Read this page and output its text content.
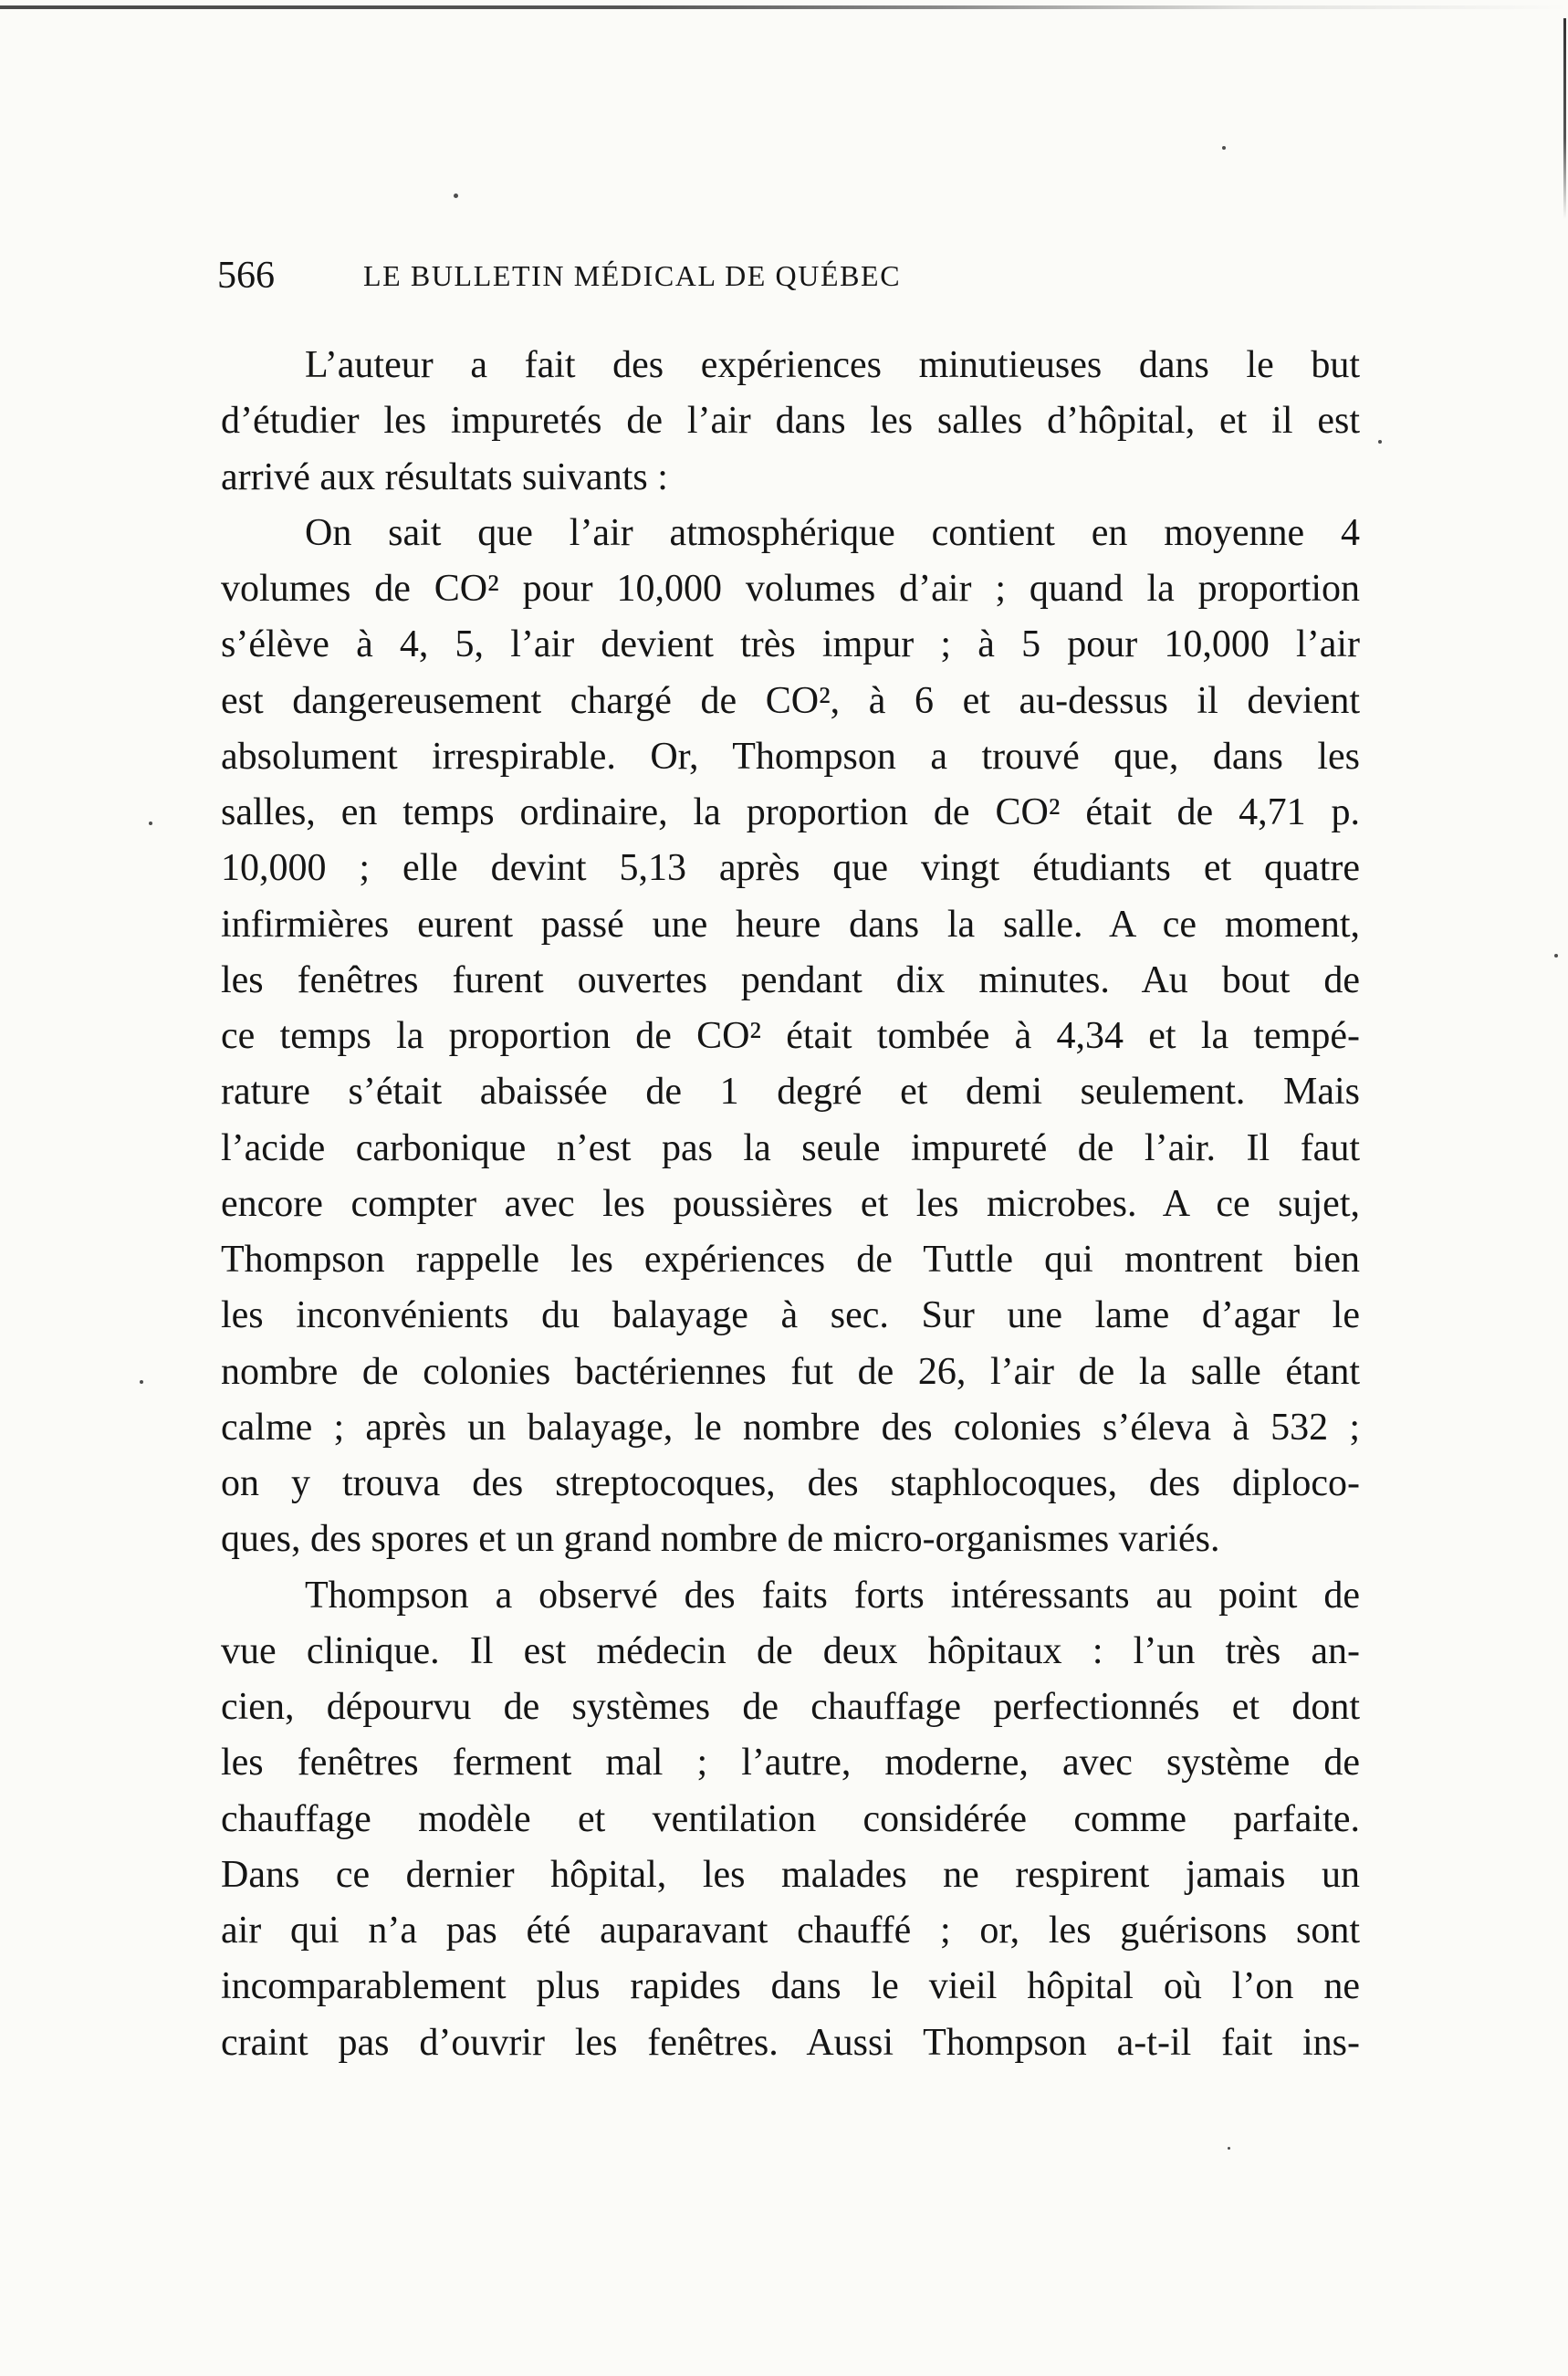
566	LE BULLETIN MÉDICAL DE QUÉBEC
L’auteur a fait des expériences minutieuses dans le but
d’étudier les impuretés de l’air dans les salles d’hôpital, et il est
arrivé aux résultats suivants :
On sait que l’air atmosphérique contient en moyenne 4
volumes de CO² pour 10,000 volumes d’air ; quand la proportion
s’élève à 4, 5, l’air devient très impur ; à 5 pour 10,000 l’air
est dangereusement chargé de CO², à 6 et au-dessus il devient
absolument irrespirable. Or, Thompson a trouvé que, dans les
salles, en temps ordinaire, la proportion de CO² était de 4,71 p.
10,000 ; elle devint 5,13 après que vingt étudiants et quatre
infirmières eurent passé une heure dans la salle. A ce moment,
les fenêtres furent ouvertes pendant dix minutes. Au bout de
ce temps la proportion de CO² était tombée à 4,34 et la tempé-
rature s’était abaissée de 1 degré et demi seulement. Mais
l’acide carbonique n’est pas la seule impureté de l’air. Il faut
encore compter avec les poussières et les microbes. A ce sujet,
Thompson rappelle les expériences de Tuttle qui montrent bien
les inconvénients du balayage à sec. Sur une lame d’agar le
nombre de colonies bactériennes fut de 26, l’air de la salle étant
calme ; après un balayage, le nombre des colonies s’éleva à 532 ;
on y trouva des streptocoques, des staphlocoques, des diploco-
ques, des spores et un grand nombre de micro-organismes variés.
Thompson a observé des faits forts intéressants au point de
vue clinique. Il est médecin de deux hôpitaux : l’un très an-
cien, dépourvu de systèmes de chauffage perfectionnés et dont
les fenêtres ferment mal ; l’autre, moderne, avec système de
chauffage modèle et ventilation considérée comme parfaite.
Dans ce dernier hôpital, les malades ne respirent jamais un
air qui n’a pas été auparavant chauffé ; or, les guérisons sont
incomparablement plus rapides dans le vieil hôpital où l’on ne
craint pas d’ouvrir les fenêtres. Aussi Thompson a-t-il fait ins-
